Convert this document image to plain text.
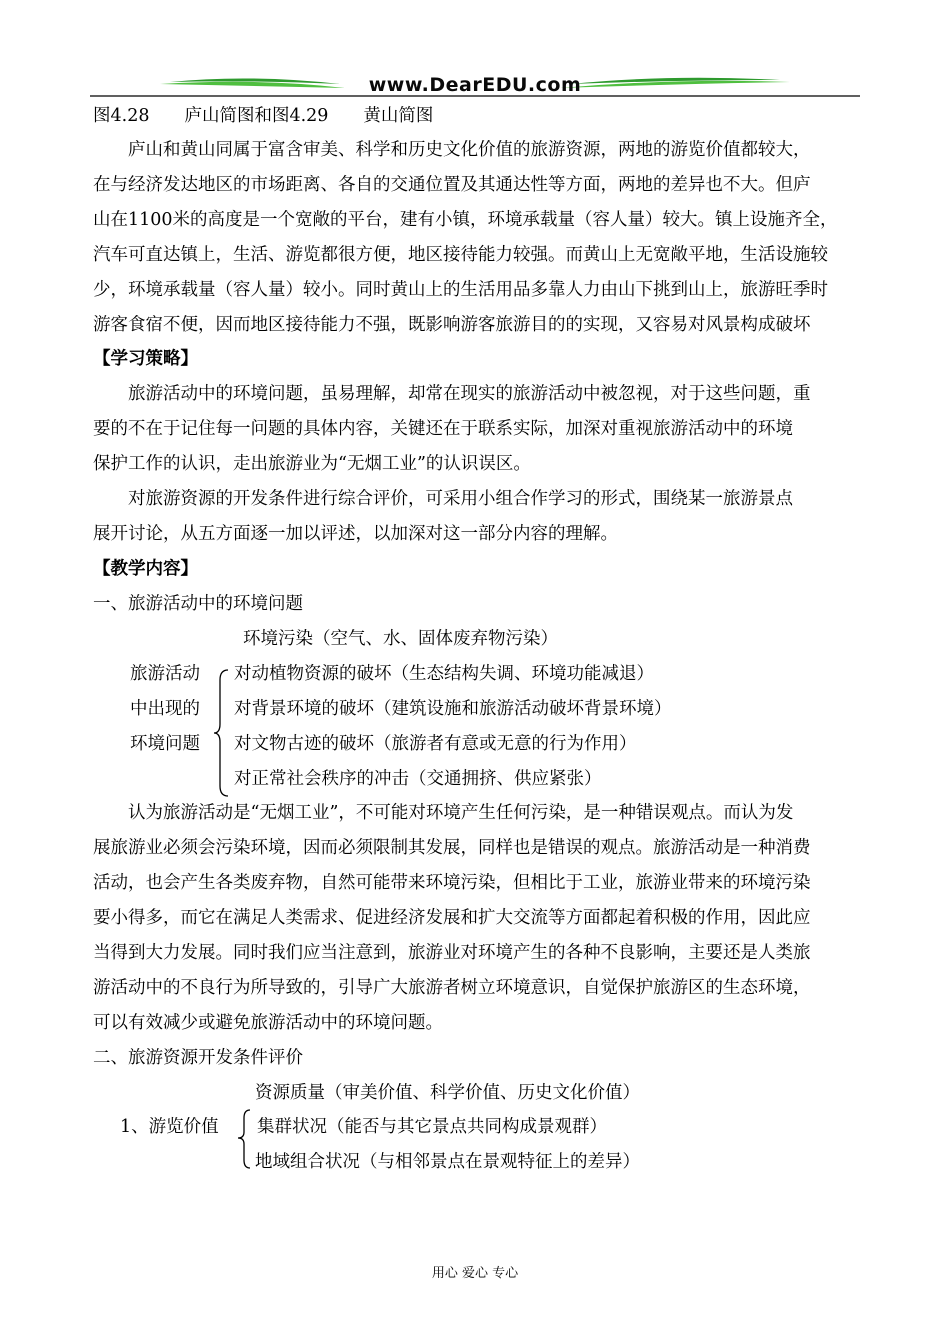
www.DearEDU.com
图4.28　　庐山简图和图4.29　　黄山简图
　　庐山和黄山同属于富含审美、科学和历史文化价值的旅游资源，两地的游览价值都较大，
在与经济发达地区的市场距离、各自的交通位置及其通达性等方面，两地的差异也不大。但庐
山在1100米的高度是一个宽敞的平台，建有小镇，环境承载量（容人量）较大。镇上设施齐全，
汽车可直达镇上，生活、游览都很方便，地区接待能力较强。而黄山上无宽敞平地，生活设施较
少，环境承载量（容人量）较小。同时黄山上的生活用品多靠人力由山下挑到山上，旅游旺季时
游客食宿不便，因而地区接待能力不强，既影响游客旅游目的的实现，又容易对风景构成破坏
【学习策略】
　　旅游活动中的环境问题，虽易理解，却常在现实的旅游活动中被忽视，对于这些问题，重
要的不在于记住每一问题的具体内容，关键还在于联系实际，加深对重视旅游活动中的环境
保护工作的认识，走出旅游业为“无烟工业”的认识误区。
　　对旅游资源的开发条件进行综合评价，可采用小组合作学习的形式，围绕某一旅游景点
展开讨论，从五方面逐一加以评述，以加深对这一部分内容的理解。
【教学内容】
一、旅游活动中的环境问题
环境污染（空气、水、固体废弃物污染）
旅游活动 对动植物资源的破坏（生态结构失调、环境功能减退）
中出现的 对背景环境的破坏（建筑设施和旅游活动破坏背景环境）
环境问题 对文物古迹的破坏（旅游者有意或无意的行为作用）
对正常社会秩序的冲击（交通拥挤、供应紧张）
　　认为旅游活动是“无烟工业”，不可能对环境产生任何污染，是一种错误观点。而认为发
展旅游业必须会污染环境，因而必须限制其发展，同样也是错误的观点。旅游活动是一种消费
活动，也会产生各类废弃物，自然可能带来环境污染，但相比于工业，旅游业带来的环境污染
要小得多，而它在满足人类需求、促进经济发展和扩大交流等方面都起着积极的作用，因此应
当得到大力发展。同时我们应当注意到，旅游业对环境产生的各种不良影响，主要还是人类旅
游活动中的不良行为所导致的，引导广大旅游者树立环境意识，自觉保护旅游区的生态环境，
可以有效减少或避免旅游活动中的环境问题。
二、旅游资源开发条件评价
资源质量（审美价值、科学价值、历史文化价值）
1、游览价值 集群状况（能否与其它景点共同构成景观群）
地域组合状况（与相邻景点在景观特征上的差异）
用心 爱心 专心
